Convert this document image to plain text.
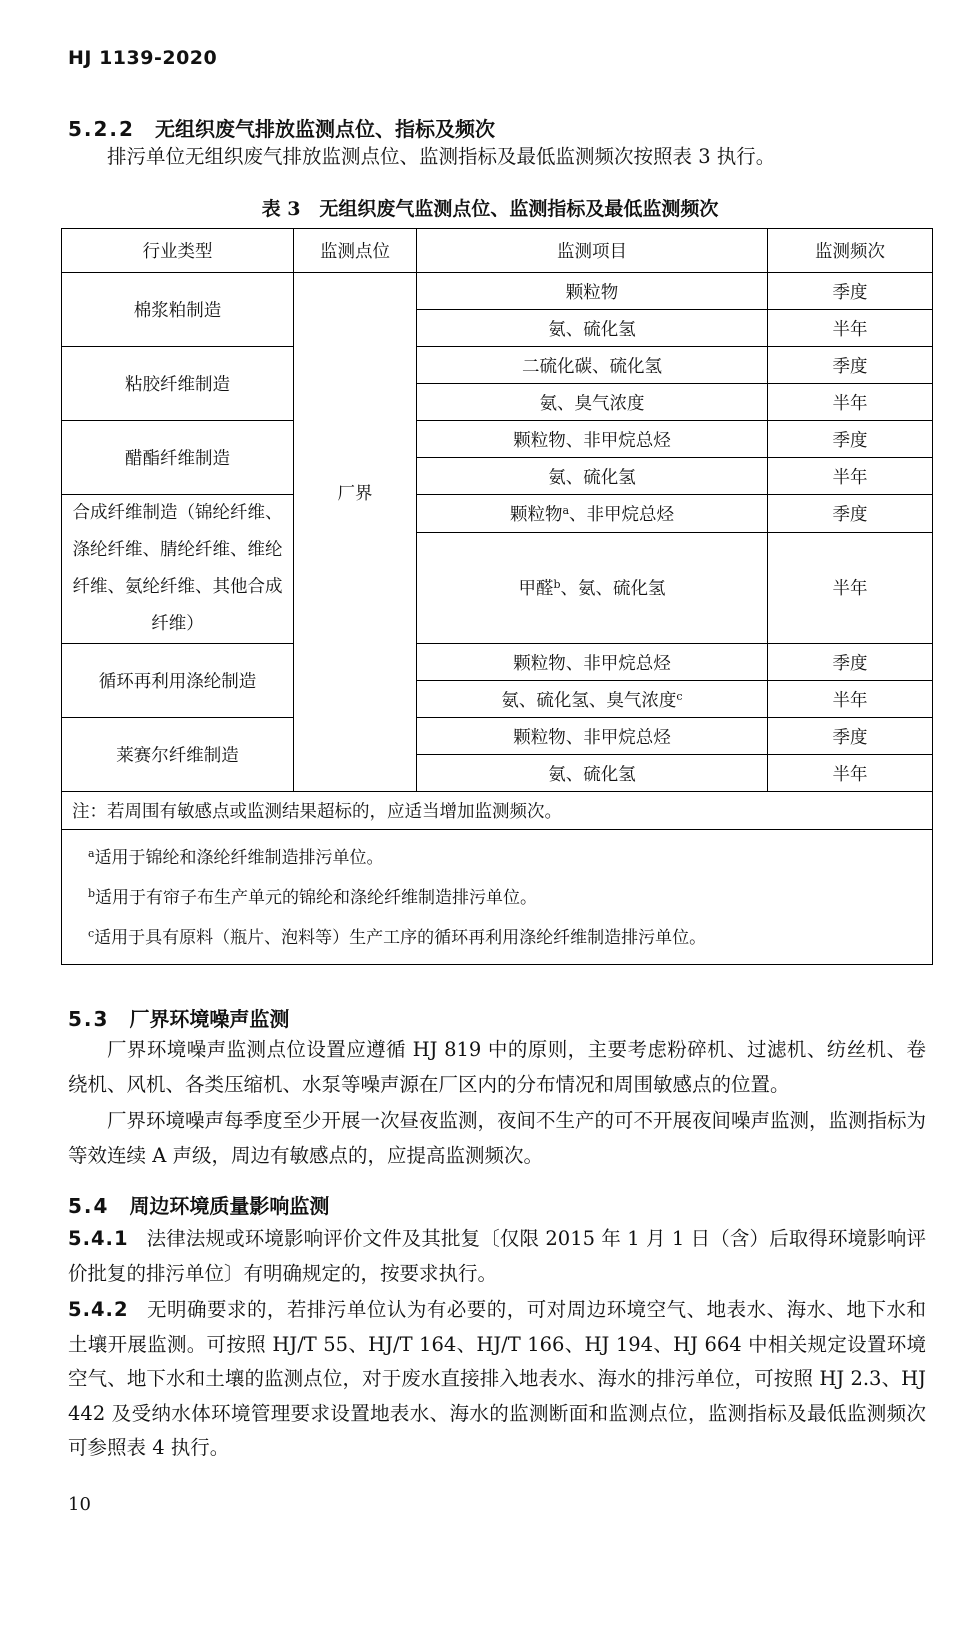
HJ 1139-2020
5.2.2 无组织废气排放监测点位、指标及频次
排污单位无组织废气排放监测点位、监测指标及最低监测频次按照表 3 执行。
表 3　无组织废气监测点位、监测指标及最低监测频次
行业类型	监测点位	监测项目	监测频次
棉浆粕制造	厂界	颗粒物	季度
		氨、硫化氢	半年
粘胶纤维制造		二硫化碳、硫化氢	季度
		氨、臭气浓度	半年
醋酯纤维制造		颗粒物、非甲烷总烃	季度
		氨、硫化氢	半年
合成纤维制造（锦纶纤维、涤纶纤维、腈纶纤维、维纶纤维、氨纶纤维、其他合成纤维）		颗粒物$^a$、非甲烷总烃	季度
		甲醛$^b$、氨、硫化氢	半年
循环再利用涤纶制造		颗粒物、非甲烷总烃	季度
		氨、硫化氢、臭气浓度$^c$	半年
莱赛尔纤维制造		颗粒物、非甲烷总烃	季度
		氨、硫化氢	半年
注：若周围有敏感点或监测结果超标的，应适当增加监测频次。			

$^a$适用于锦纶和涤纶纤维制造排污单位。
$^b$适用于有帘子布生产单元的锦纶和涤纶纤维制造排污单位。
$^c$适用于具有原料（瓶片、泡料等）生产工序的循环再利用涤纶纤维制造排污单位。			
5.3 厂界环境噪声监测
厂界环境噪声监测点位设置应遵循 HJ 819 中的原则，主要考虑粉碎机、过滤机、纺丝机、卷绕机、风机、各类压缩机、水泵等噪声源在厂区内的分布情况和周围敏感点的位置。
厂界环境噪声每季度至少开展一次昼夜监测，夜间不生产的可不开展夜间噪声监测，监测指标为等效连续 A 声级，周边有敏感点的，应提高监测频次。
5.4 周边环境质量影响监测
5.4.1 法律法规或环境影响评价文件及其批复〔仅限 2015 年 1 月 1 日（含）后取得环境影响评价批复的排污单位〕有明确规定的，按要求执行。
5.4.2 无明确要求的，若排污单位认为有必要的，可对周边环境空气、地表水、海水、地下水和土壤开展监测。可按照 HJ/T 55、HJ/T 164、HJ/T 166、HJ 194、HJ 664 中相关规定设置环境空气、地下水和土壤的监测点位，对于废水直接排入地表水、海水的排污单位，可按照 HJ 2.3、HJ 442 及受纳水体环境管理要求设置地表水、海水的监测断面和监测点位，监测指标及最低监测频次可参照表 4 执行。
10
